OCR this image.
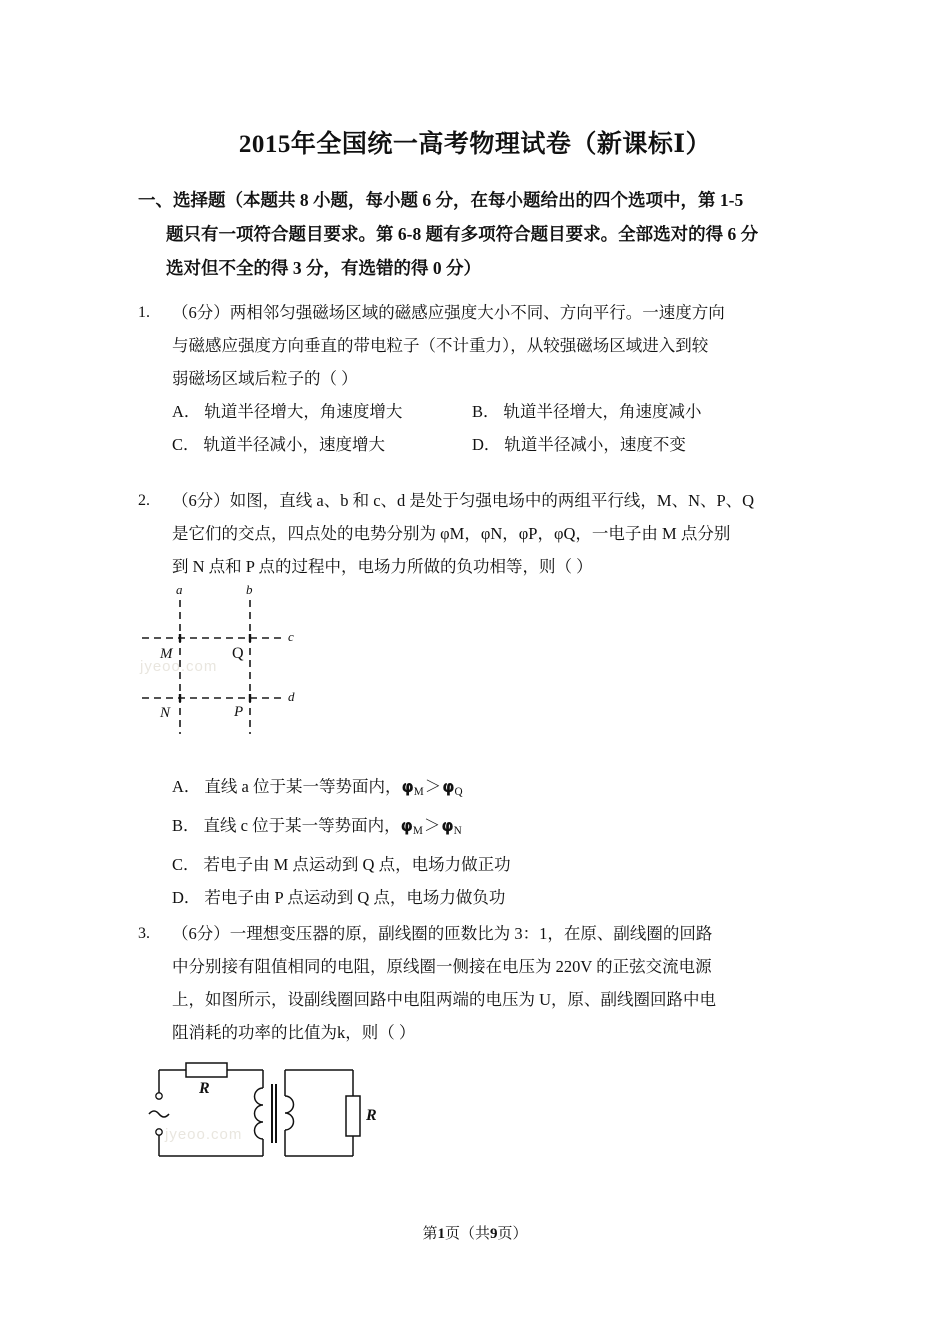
2015年全国统一高考物理试卷（新课标Ⅰ）
一、选择题（本题共 8 小题，每小题 6 分，在每小题给出的四个选项中，第 1-5
题只有一项符合题目要求。第 6-8 题有多项符合题目要求。全部选对的得 6 分
选对但不全的得 3 分，有选错的得 0 分）
1.	（6分）两相邻匀强磁场区域的磁感应强度大小不同、方向平行。一速度方向

与磁感应强度方向垂直的带电粒子（不计重力），从较强磁场区域进入到较

弱磁场区域后粒子的（ ）

A． 轨道半径增大，角速度增大	B． 轨道半径增大，角速度减小
C． 轨道半径减小，速度增大	D． 轨道半径减小，速度不变
2.	（6分）如图，直线 a、b 和 c、d 是处于匀强电场中的两组平行线，M、N、P、Q

是它们的交点，四点处的电势分别为 φM，φN，φP，φQ，一电子由 M 点分别

到 N 点和 P 点的过程中，电场力所做的负功相等，则（ ）

a	b
c
d
M	Q
N	P
jyeoo.com
A． 直线 a 位于某一等势面内，$\varphi_M>\varphi_Q$
B． 直线 c 位于某一等势面内，$\varphi_M>\varphi_N$
C． 若电子由 M 点运动到 Q 点，电场力做正功
D． 若电子由 P 点运动到 Q 点，电场力做负功
3.	（6分）一理想变压器的原，副线圈的匝数比为 3：1，在原、副线圈的回路

中分别接有阻值相同的电阻，原线圈一侧接在电压为 220V 的正弦交流电源

上，如图所示，设副线圈回路中电阻两端的电压为 U，原、副线圈回路中电

阻消耗的功率的比值为k，则（ ）

R
R
jyeoo.com
第1页（共9页）
